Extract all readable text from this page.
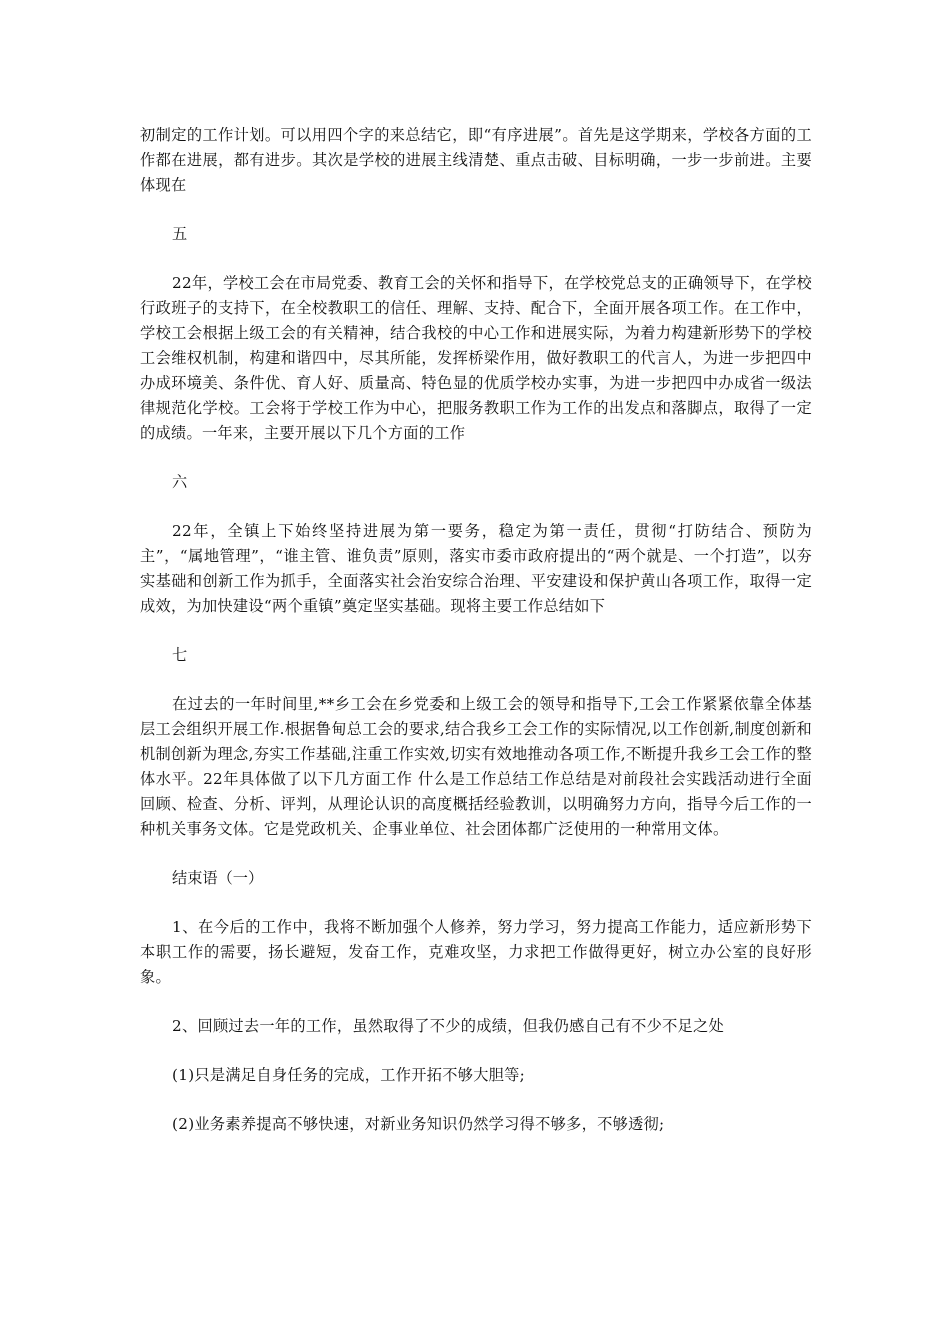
初制定的工作计划。可以用四个字的来总结它，即“有序进展”。首先是这学期来，学校各方面的工作都在进展，都有进步。其次是学校的进展主线清楚、重点击破、目标明确，一步一步前进。主要体现在

五

22年，学校工会在市局党委、教育工会的关怀和指导下，在学校党总支的正确领导下，在学校行政班子的支持下，在全校教职工的信任、理解、支持、配合下，全面开展各项工作。在工作中，学校工会根据上级工会的有关精神，结合我校的中心工作和进展实际，为着力构建新形势下的学校工会维权机制，构建和谐四中，尽其所能，发挥桥梁作用，做好教职工的代言人，为进一步把四中办成环境美、条件优、育人好、质量高、特色显的优质学校办实事，为进一步把四中办成省一级法律规范化学校。工会将于学校工作为中心，把服务教职工作为工作的出发点和落脚点，取得了一定的成绩。一年来，主要开展以下几个方面的工作

六

22年，全镇上下始终坚持进展为第一要务，稳定为第一责任，贯彻“打防结合、预防为主”，“属地管理”，“谁主管、谁负责”原则，落实市委市政府提出的“两个就是、一个打造”，以夯实基础和创新工作为抓手，全面落实社会治安综合治理、平安建设和保护黄山各项工作，取得一定成效，为加快建设“两个重镇”奠定坚实基础。现将主要工作总结如下

七

在过去的一年时间里,**乡工会在乡党委和上级工会的领导和指导下,工会工作紧紧依靠全体基层工会组织开展工作.根据鲁甸总工会的要求,结合我乡工会工作的实际情况,以工作创新,制度创新和机制创新为理念,夯实工作基础,注重工作实效,切实有效地推动各项工作,不断提升我乡工会工作的整体水平。22年具体做了以下几方面工作 什么是工作总结工作总结是对前段社会实践活动进行全面回顾、检查、分析、评判，从理论认识的高度概括经验教训，以明确努力方向，指导今后工作的一种机关事务文体。它是党政机关、企事业单位、社会团体都广泛使用的一种常用文体。

结束语（一）

1、在今后的工作中，我将不断加强个人修养，努力学习，努力提高工作能力，适应新形势下本职工作的需要，扬长避短，发奋工作，克难攻坚，力求把工作做得更好，树立办公室的良好形象。

2、回顾过去一年的工作，虽然取得了不少的成绩，但我仍感自己有不少不足之处

(1)只是满足自身任务的完成，工作开拓不够大胆等;

(2)业务素养提高不够快速，对新业务知识仍然学习得不够多，不够透彻;
